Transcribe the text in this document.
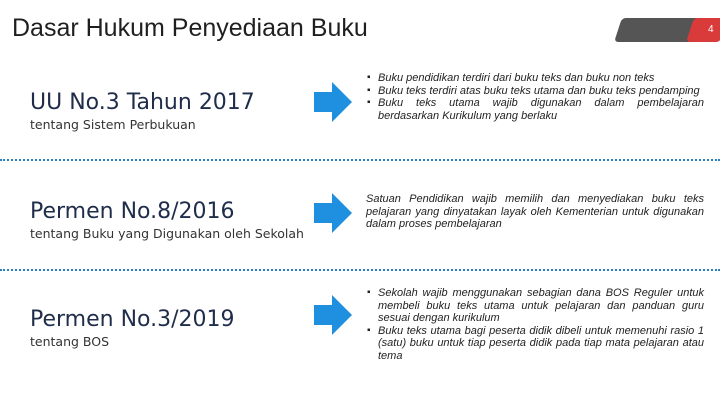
Dasar Hukum Penyediaan Buku	4
UU No.3 Tahun 2017
tentang Sistem Perbukuan
▪ Buku pendidikan terdiri dari buku teks dan buku non teks
▪ Buku teks terdiri atas buku teks utama dan buku teks pendamping
▪ Buku teks utama wajib digunakan dalam pembelajaran berdasarkan Kurikulum yang berlaku
Permen No.8/2016
tentang Buku yang Digunakan oleh Sekolah
Satuan Pendidikan wajib memilih dan menyediakan buku teks pelajaran yang dinyatakan layak oleh Kementerian untuk digunakan dalam proses pembelajaran
Permen No.3/2019
tentang BOS
▪ Sekolah wajib menggunakan sebagian dana BOS Reguler untuk membeli buku teks utama untuk pelajaran dan panduan guru sesuai dengan kurikulum
▪ Buku teks utama bagi peserta didik dibeli untuk memenuhi rasio 1 (satu) buku untuk tiap peserta didik pada tiap mata pelajaran atau tema
